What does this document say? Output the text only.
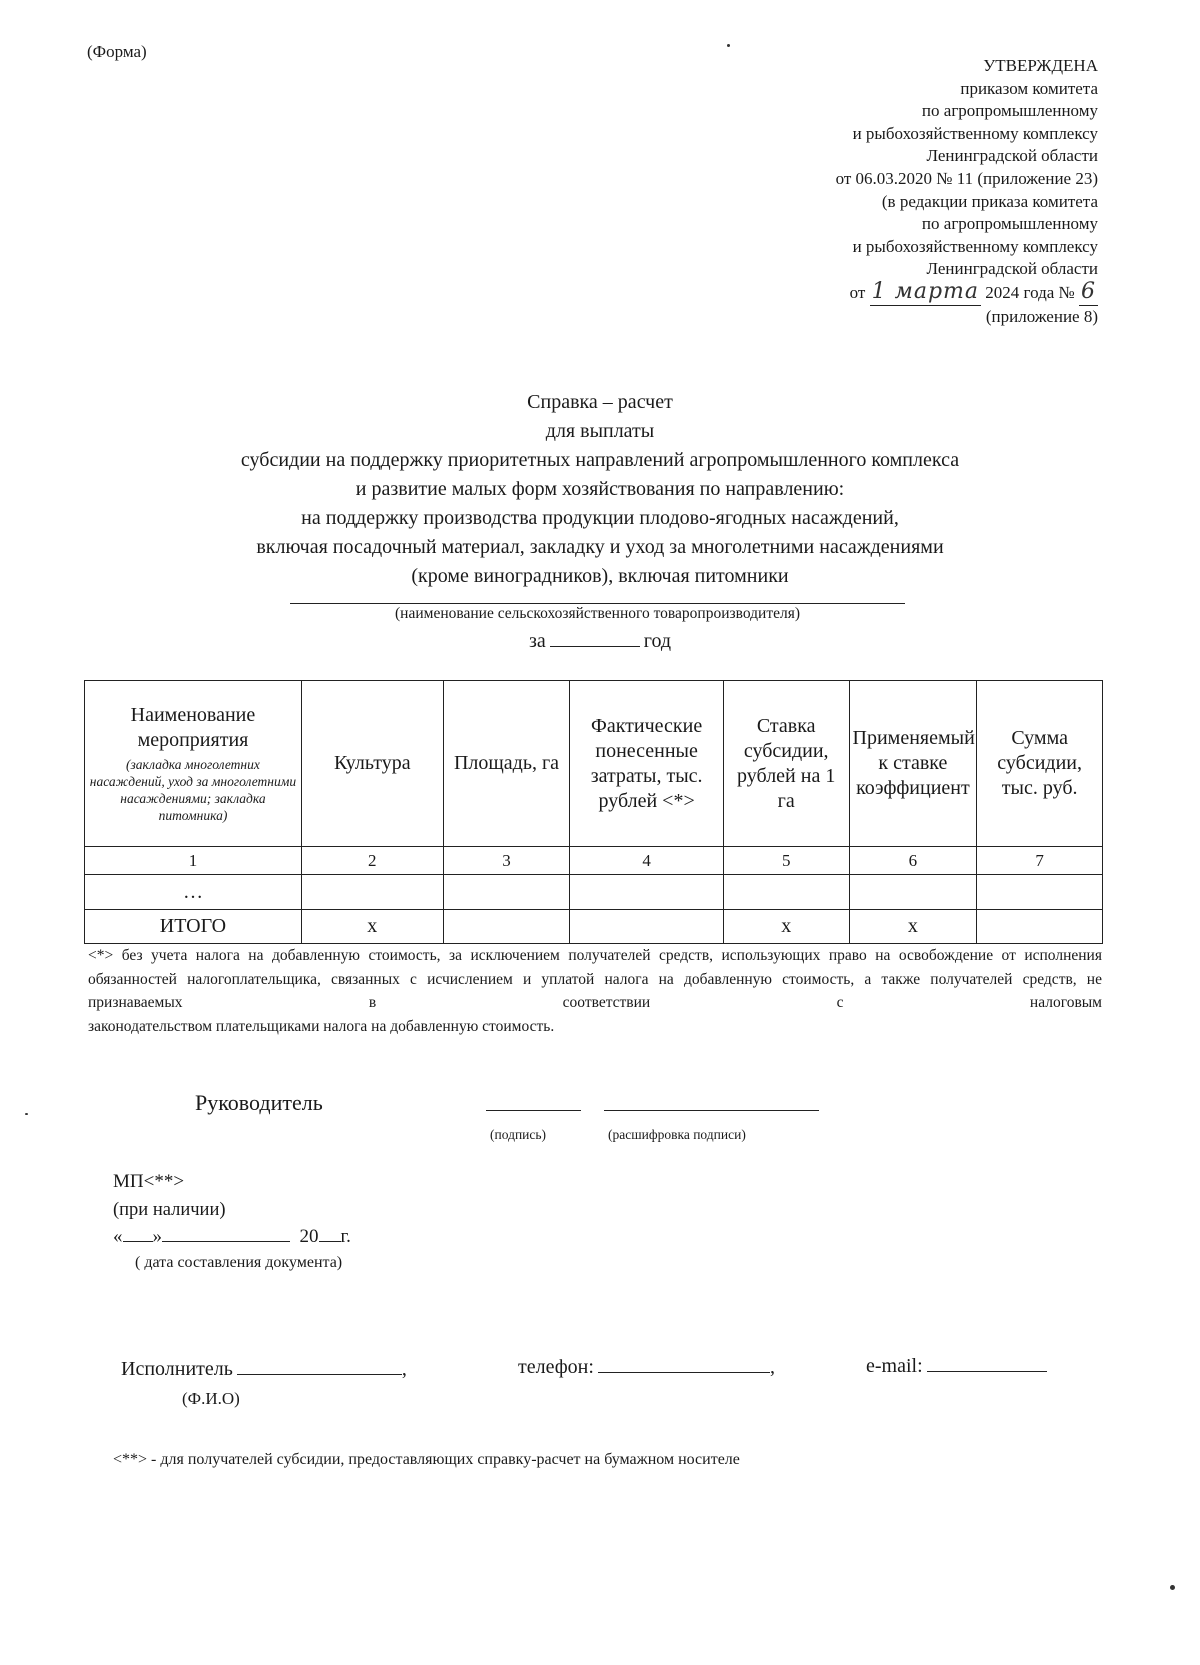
(Форма)
УТВЕРЖДЕНА
приказом комитета
по агропромышленному
и рыбохозяйственному комплексу
Ленинградской области
от 06.03.2020 № 11 (приложение 23)
(в редакции приказа комитета
по агропромышленному
и рыбохозяйственному комплексу
Ленинградской области
от 1 марта 2024 года № 6
(приложение 8)
Справка – расчет
для выплаты
субсидии на поддержку приоритетных направлений агропромышленного комплекса
и развитие малых форм хозяйствования по направлению:
на поддержку производства продукции плодово-ягодных насаждений,
включая посадочный материал, закладку и уход за многолетними насаждениями
(кроме виноградников), включая питомники
(наименование сельскохозяйственного товаропроизводителя)
за	год
Наименование мероприятия
(закладка многолетних насаждений, уход за многолетними насаждениями; закладка питомника)	Культура	Площадь, га	Фактические понесенные затраты, тыс. рублей <*>	Ставка субсидии, рублей на 1 га	Применяемый к ставке коэффициент	Сумма субсидии, тыс. руб.
1	2	3	4	5	6	7
…						
ИТОГО	х			х	х	
<*> без учета налога на добавленную стоимость, за исключением получателей средств, использующих право на освобождение от исполнения обязанностей налогоплательщика, связанных с исчислением и уплатой налога на добавленную стоимость, а также получателей средств, не признаваемых в соответствии с налоговым
законодательством плательщиками налога на добавленную стоимость.
Руководитель
(подпись)	(расшифровка подписи)
МП<**>
(при наличии)
« »	20 г.
( дата составления документа)
Исполнитель	,
(Ф.И.О)
телефон:	,	e-mail:
<**> - для получателей субсидии, предоставляющих справку-расчет на бумажном носителе
